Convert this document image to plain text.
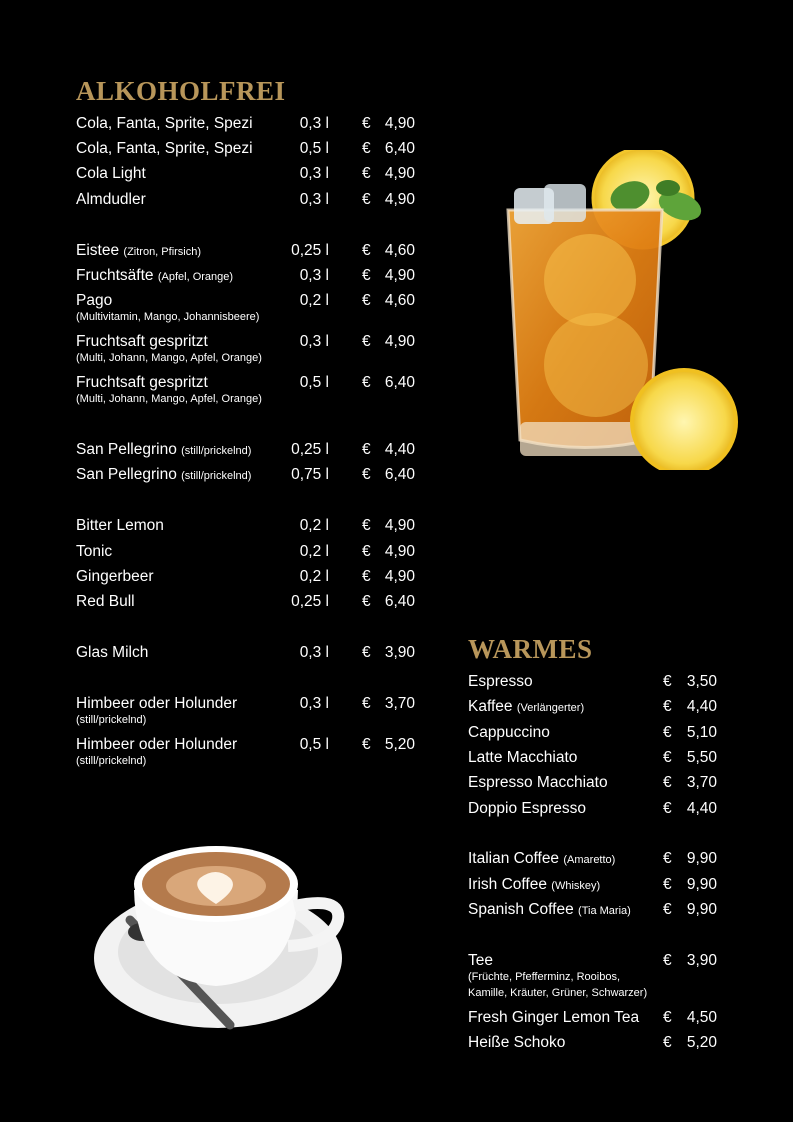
ALKOHOLFREI
Cola, Fanta, Sprite, Spezi	0,3 l € 4,90
Cola, Fanta, Sprite, Spezi	0,5 l € 6,40
Cola Light	0,3 l € 4,90
Almdudler	0,3 l € 4,90
Eistee (Zitron, Pfirsich)	0,25 l € 4,60
Fruchtsäfte (Apfel, Orange)	0,3 l € 4,90
Pago
(Multivitamin, Mango, Johannisbeere)
0,2 l € 4,60
Fruchtsaft gespritzt
(Multi, Johann, Mango, Apfel, Orange)
0,3 l € 4,90
Fruchtsaft gespritzt
(Multi, Johann, Mango, Apfel, Orange)
0,5 l € 6,40
San Pellegrino (still/prickelnd)	0,25 l € 4,40
San Pellegrino (still/prickelnd)	0,75 l € 6,40
Bitter Lemon	0,2 l € 4,90
Tonic	0,2 l € 4,90
Gingerbeer	0,2 l € 4,90
Red Bull	0,25 l € 6,40
Glas Milch	0,3 l € 3,90
Himbeer oder Holunder
(still/prickelnd)
0,3 l € 3,70
Himbeer oder Holunder
(still/prickelnd)
0,5 l € 5,20
WARMES
Espresso	€ 3,50
Kaffee (Verlängerter)	€ 4,40
Cappuccino	€ 5,10
Latte Macchiato	€ 5,50
Espresso Macchiato	€ 3,70
Doppio Espresso	€ 4,40
Italian Coffee (Amaretto)	€ 9,90
Irish Coffee (Whiskey)	€ 9,90
Spanish Coffee (Tia Maria) € 9,90
Tee
(Früchte, Pfefferminz, Rooibos,
Kamille, Kräuter, Grüner, Schwarzer)
€ 3,90
Fresh Ginger Lemon Tea € 4,50
Heiße Schoko	€ 5,20
